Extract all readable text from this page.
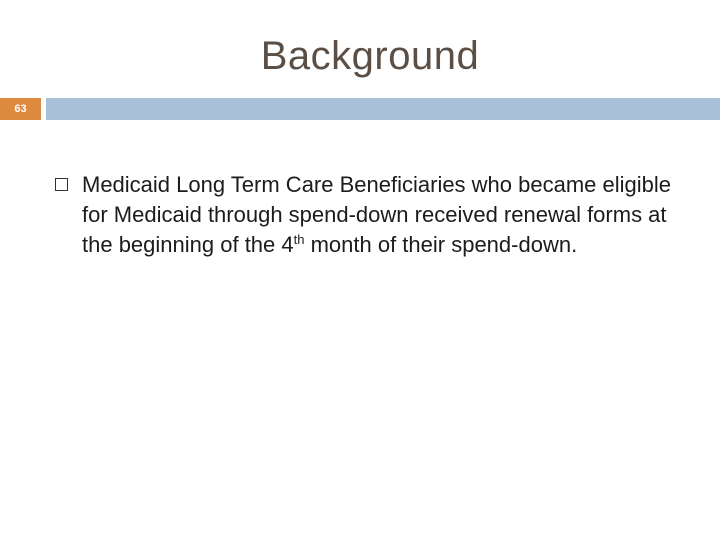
Background
63
Medicaid Long Term Care Beneficiaries who became eligible for Medicaid through spend-down received renewal forms at the beginning of the 4th month of their spend-down.
